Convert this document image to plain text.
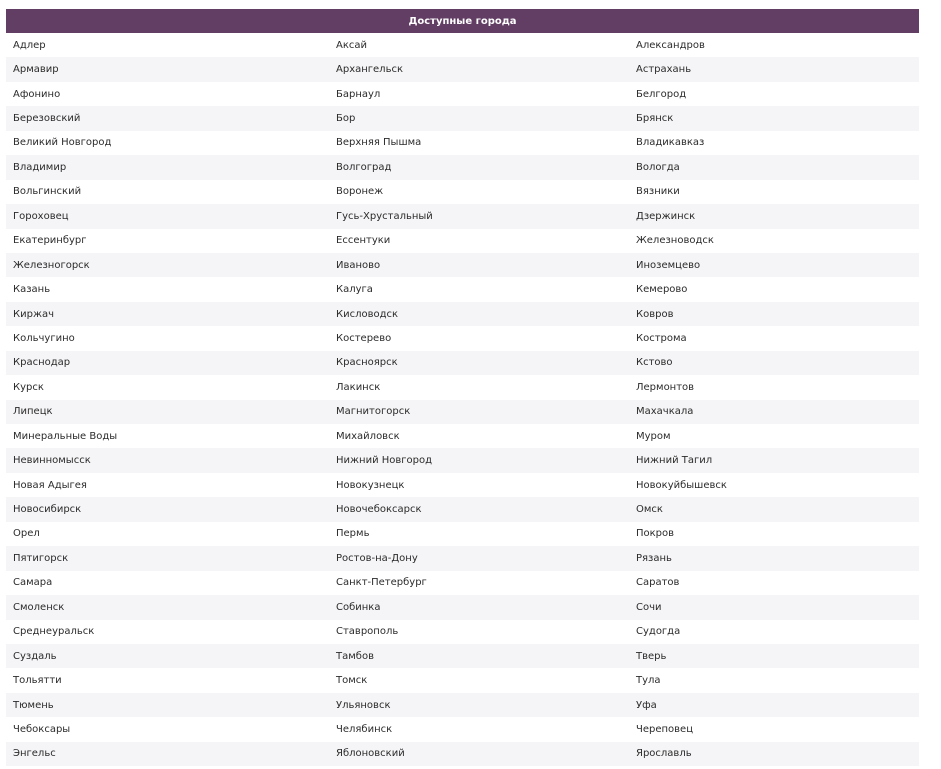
Доступные города		
Адлер	Аксай	Александров
Армавир	Архангельск	Астрахань
Афонино	Барнаул	Белгород
Березовский	Бор	Брянск
Великий Новгород	Верхняя Пышма	Владикавказ
Владимир	Волгоград	Вологда
Вольгинский	Воронеж	Вязники
Гороховец	Гусь-Хрустальный	Дзержинск
Екатеринбург	Ессентуки	Железноводск
Железногорск	Иваново	Иноземцево
Казань	Калуга	Кемерово
Киржач	Кисловодск	Ковров
Кольчугино	Костерево	Кострома
Краснодар	Красноярск	Кстово
Курск	Лакинск	Лермонтов
Липецк	Магнитогорск	Махачкала
Минеральные Воды	Михайловск	Муром
Невинномысск	Нижний Новгород	Нижний Тагил
Новая Адыгея	Новокузнецк	Новокуйбышевск
Новосибирск	Новочебоксарск	Омск
Орел	Пермь	Покров
Пятигорск	Ростов-на-Дону	Рязань
Самара	Санкт-Петербург	Саратов
Смоленск	Собинка	Сочи
Среднеуральск	Ставрополь	Судогда
Суздаль	Тамбов	Тверь
Тольятти	Томск	Тула
Тюмень	Ульяновск	Уфа
Чебоксары	Челябинск	Череповец
Энгельс	Яблоновский	Ярославль
